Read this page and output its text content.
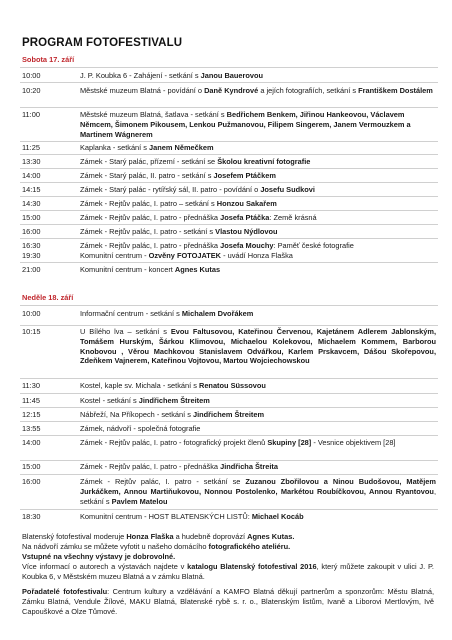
PROGRAM FOTOFESTIVALU
Sobota 17. září
10:00	J. P. Koubka 6 - Zahájení - setkání s Janou Bauerovou
10:20	Městské muzeum Blatná - povídání o Daně Kyndrové a jejích fotografiích, setkání s Františkem Dostálem
11:00	Městské muzeum Blatná, šatlava - setkání s Bedřichem Benkem, Jiřinou Hankeovou, Václavem Němcem, Šimonem Pikousem, Lenkou Pužmanovou, Filipem Singerem, Janem Vermouzkem a Martinem Wágnerem
11:25	Kaplanka - setkání s Janem Němečkem
13:30	Zámek - Starý palác, přízemí - setkání se Školou kreativní fotografie
14:00	Zámek - Starý palác, II. patro - setkání s Josefem Ptáčkem
14:15	Zámek - Starý palác - rytířský sál, II. patro - povídání o Josefu Sudkovi
14:30	Zámek - Rejtův palác, I. patro – setkání s Honzou Sakařem
15:00	Zámek - Rejtův palác, I. patro - přednáška Josefa Ptáčka: Země krásná
16:00	Zámek - Rejtův palác, I. patro - setkání s Vlastou Nýdlovou
16:30	Zámek - Rejtův palác, I. patro - přednáška Josefa Mouchy: Paměť české fotografie
19:30	Komunitní centrum - Ozvěny FOTOJATEK - uvádí Honza Flaška
21:00	Komunitní centrum - koncert Agnes Kutas
Neděle 18. září
10:00	Informační centrum - setkání s Michalem Dvořákem
10:15	U Bílého lva – setkání s Evou Faltusovou, Kateřinou Červenou, Kajetánem Adlerem Jablonským, Tomášem Hurským, Šárkou Klimovou, Michaelou Kolekovou, Michaelem Kommem, Barborou Knobovou , Věrou Machkovou Stanislavem Odvářkou, Karlem Prskavcem, Dášou Skořepovou, Zdeňkem Vajnerem, Kateřinou Vojtovou, Martou Wojciechowskou
11:30	Kostel, kaple sv. Michala - setkání s Renatou Süssovou
11:45	Kostel - setkání s Jindřichem Štreitem
12:15	Nábřeží, Na Příkopech - setkání s Jindřichem Štreitem
13:55	Zámek, nádvoří - společná fotografie
14:00	Zámek - Rejtův palác, I. patro - fotografický projekt členů Skupiny [28] - Vesnice objektivem [28]
15:00	Zámek - Rejtův palác, I. patro - přednáška Jindřicha Štreita
16:00	Zámek - Rejtův palác, I. patro - setkání se Zuzanou Zbořilovou a Ninou Budošovou, Matějem Jurkáčkem, Annou Martiňukovou, Nonnou Postolenko, Markétou Roubíčkovou, Annou Ryantovou, setkání s Pavlem Matelou
18:30	Komunitní centrum - HOST BLATENSKÝCH LISTŮ: Michael Kocáb
Blatenský fotofestival moderuje Honza Flaška a hudebně doprovází Agnes Kutas.
Na nádvoří zámku se můžete vyfotit u našeho domácího fotografického ateliéru.
Vstupné na všechny výstavy je dobrovolné.
Více informací o autorech a výstavách najdete v katalogu Blatenský fotofestival 2016, který můžete zakoupit v ulici J. P. Koubka 6, v Městském muzeu Blatná a v zámku Blatná.
Pořadatelé fotofestivalu: Centrum kultury a vzdělávání a KAMFO Blatná děkují partnerům a sponzorům: Městu Blatná, Zámku Blatná, Vendule Žílové, MAKU Blatná, Blatenské rybě s. r. o., Blatenským listům, Ivaně a Liborovi Mertlovým, Ivě Capouškové a Olze Tůmové.
